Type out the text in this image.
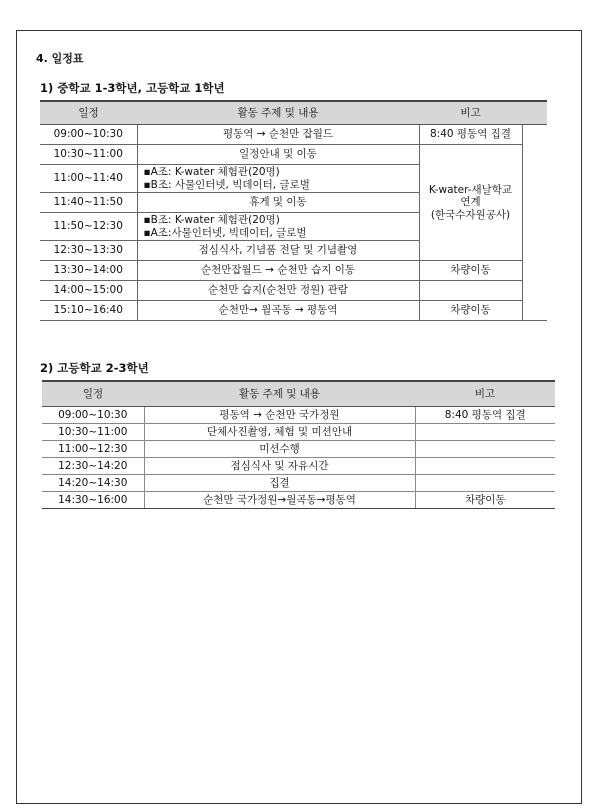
4. 일정표
1) 중학교 1-3학년, 고등학교 1학년
일정	활동 주제 및 내용	비고	
09:00~10:30	평동역 → 순천만 잡월드	8:40 평동역 집결	
10:30~11:00	일정안내 및 이동	K-water-새날학교
연계
(한국수자원공사)	

11:00~11:40	▪A조: K-water 체험관(20명)
▪B조: 사물인터넷, 빅데이터, 글로벌		

11:40~11:50	휴게 및 이동		
11:50~12:30	▪B조: K-water 체험관(20명)
▪A조:사물인터넷, 빅데이터, 글로벌		

12:30~13:30	점심식사, 기념품 전달 및 기념촬영		
13:30~14:00	순천만잡월드 → 순천만 습지 이동	차량이동	
14:00~15:00	순천만 습지(순천만 정원) 관람		
15:10~16:40	순천만→ 월곡동 → 평동역	차량이동	
2) 고등학교 2-3학년
일정	활동 주제 및 내용	비고
09:00~10:30	평동역 → 순천만 국가정원	8:40 평동역 집결
10:30~11:00	단체사진촬영, 체험 및 미션안내	
11:00~12:30	미션수행	
12:30~14:20	점심식사 및 자유시간	
14:20~14:30	집결	
14:30~16:00	순천만 국가정원→월곡동→평동역	차량이동
